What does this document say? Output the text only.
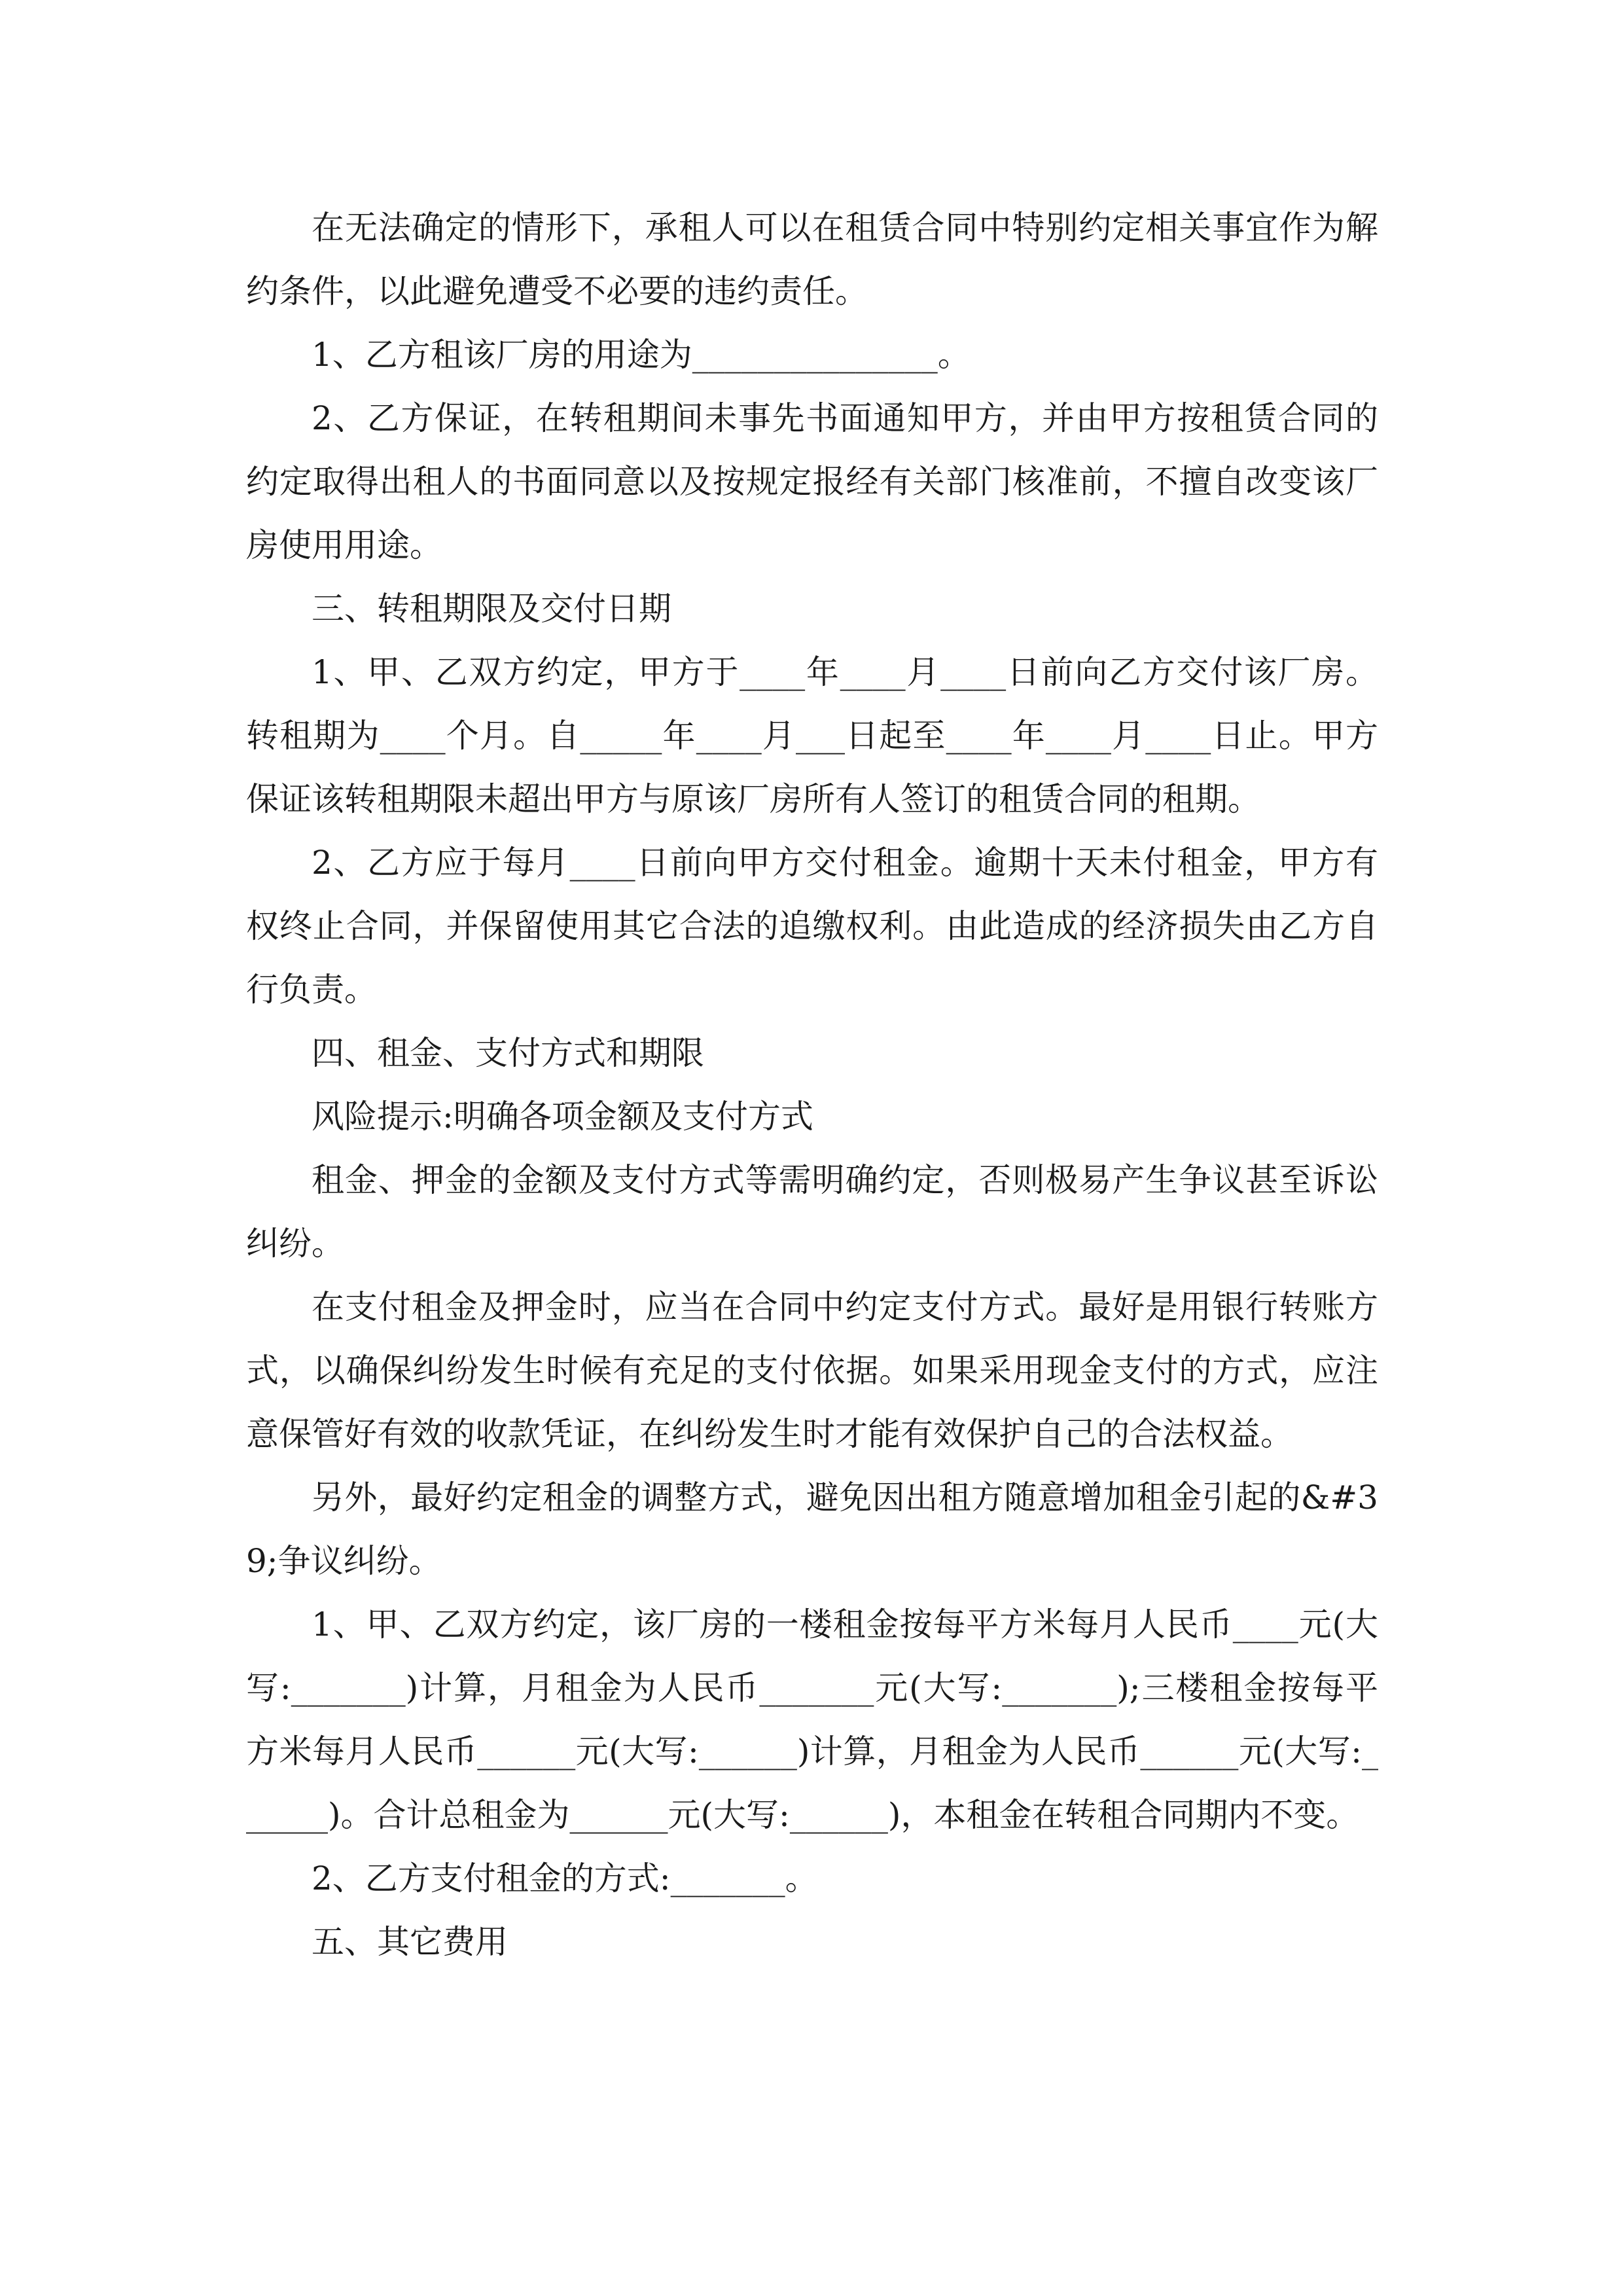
在无法确定的情形下，承租人可以在租赁合同中特别约定相关事宜作为解约条件，以此避免遭受不必要的违约责任。

1、乙方租该厂房的用途为_______________。

2、乙方保证，在转租期间未事先书面通知甲方，并由甲方按租赁合同的约定取得出租人的书面同意以及按规定报经有关部门核准前，不擅自改变该厂房使用用途。

三、转租期限及交付日期

1、甲、乙双方约定，甲方于____年____月____日前向乙方交付该厂房。转租期为____个月。自_____年____月___日起至____年____月____日止。甲方保证该转租期限未超出甲方与原该厂房所有人签订的租赁合同的租期。

2、乙方应于每月____日前向甲方交付租金。逾期十天未付租金，甲方有权终止合同，并保留使用其它合法的追缴权利。由此造成的经济损失由乙方自行负责。

四、租金、支付方式和期限

风险提示:明确各项金额及支付方式

租金、押金的金额及支付方式等需明确约定，否则极易产生争议甚至诉讼纠纷。

在支付租金及押金时，应当在合同中约定支付方式。最好是用银行转账方式，以确保纠纷发生时候有充足的支付依据。如果采用现金支付的方式，应注意保管好有效的收款凭证，在纠纷发生时才能有效保护自己的合法权益。

另外，最好约定租金的调整方式，避免因出租方随意增加租金引起的&#39;争议纠纷。

1、甲、乙双方约定，该厂房的一楼租金按每平方米每月人民币____元(大写:_______)计算，月租金为人民币_______元(大写:_______);三楼租金按每平方米每月人民币______元(大写:______)计算，月租金为人民币______元(大写:______)。合计总租金为______元(大写:______)，本租金在转租合同期内不变。

2、乙方支付租金的方式:_______。

五、其它费用
